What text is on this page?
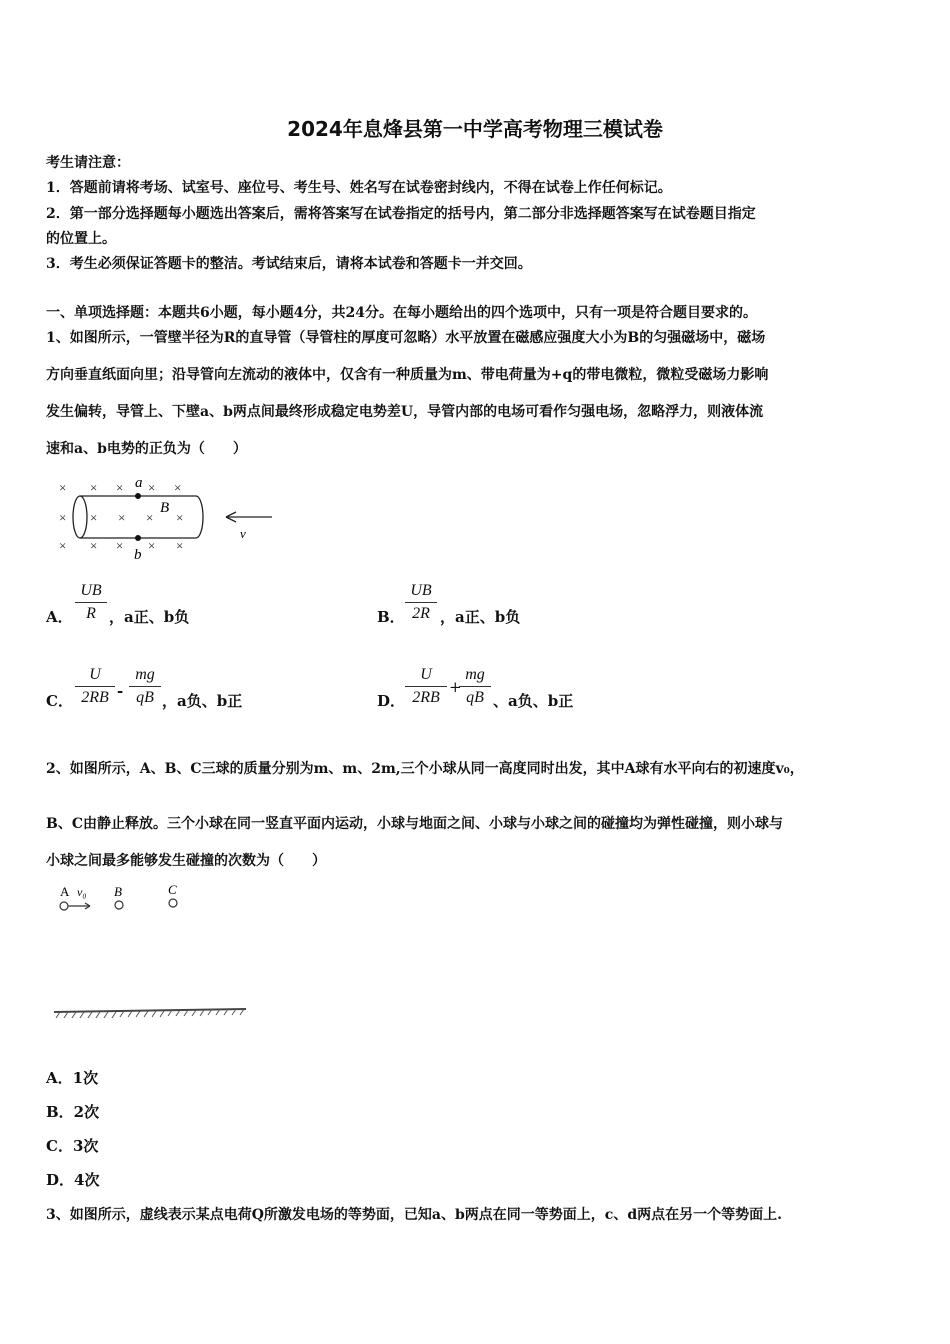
2024年息烽县第一中学高考物理三模试卷
考生请注意：
1．答题前请将考场、试室号、座位号、考生号、姓名写在试卷密封线内，不得在试卷上作任何标记。
2．第一部分选择题每小题选出答案后，需将答案写在试卷指定的括号内，第二部分非选择题答案写在试卷题目指定
的位置上。
3．考生必须保证答题卡的整洁。考试结束后，请将本试卷和答题卡一并交回。
一、单项选择题：本题共6小题，每小题4分，共24分。在每小题给出的四个选项中，只有一项是符合题目要求的。
1、如图所示，一管壁半径为R的直导管（导管柱的厚度可忽略）水平放置在磁感应强度大小为B的匀强磁场中，磁场
方向垂直纸面向里；沿导管向左流动的液体中，仅含有一种质量为m、带电荷量为+q的带电微粒，微粒受磁场力影响
发生偏转，导管上、下壁a、b两点间最终形成稳定电势差U，导管内部的电场可看作匀强电场，忽略浮力，则液体流
速和a、b电势的正负为（　　）
× × × × ×
× × × × ×
× × × × ×
a
b
B
v
A． $\frac{UB}{R}$ ，a正、b负	B． $\frac{UB}{2R}$ ，a正、b负
C． $\frac{U}{2RB} - \frac{mg}{qB}$ ，a负、b正	D． $\frac{U}{2RB}$ +
$\frac{mg}{qB}$ 、a负、b正
2、如图所示，A、B、C三球的质量分别为m、m、2m,三个小球从同一高度同时出发，其中A球有水平向右的初速度v₀，
B、C由静止释放。三个小球在同一竖直平面内运动，小球与地面之间、小球与小球之间的碰撞均为弹性碰撞，则小球与
小球之间最多能够发生碰撞的次数为（　　）
A v₀ B	C
A．1次
B．2次
C．3次
D．4次
3、如图所示，虚线表示某点电荷Q所激发电场的等势面，已知a、b两点在同一等势面上，c、d两点在另一个等势面上.
